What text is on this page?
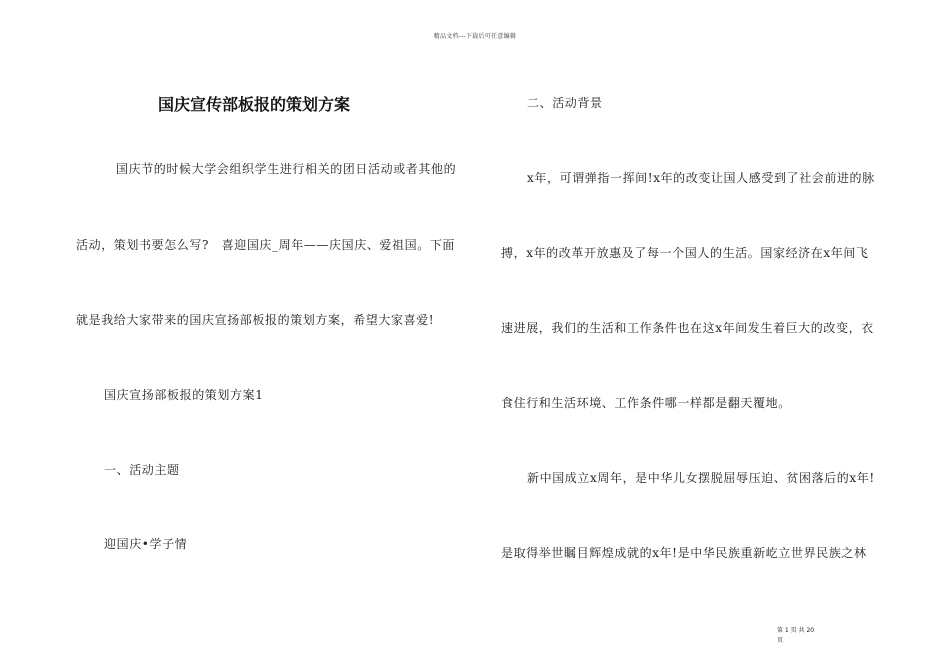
精品文档---下载后可任意编辑
国庆宣传部板报的策划方案
国庆节的时候大学会组织学生进行相关的团日活动或者其他的
活动，策划书要怎么写?　喜迎国庆_周年——庆国庆、爱祖国。下面
就是我给大家带来的国庆宣扬部板报的策划方案，希望大家喜爱!
国庆宣扬部板报的策划方案1
一、活动主题
迎国庆•学子情
二、活动背景
x年，可谓弹指一挥间!x年的改变让国人感受到了社会前进的脉
搏，x年的改革开放惠及了每一个国人的生活。国家经济在x年间飞
速进展，我们的生活和工作条件也在这x年间发生着巨大的改变，衣
食住行和生活环境、工作条件哪一样都是翻天覆地。
新中国成立x周年，是中华儿女摆脱屈辱压迫、贫困落后的x年!
是取得举世瞩目辉煌成就的x年!是中华民族重新屹立世界民族之林
第 1 页 共 20
页
